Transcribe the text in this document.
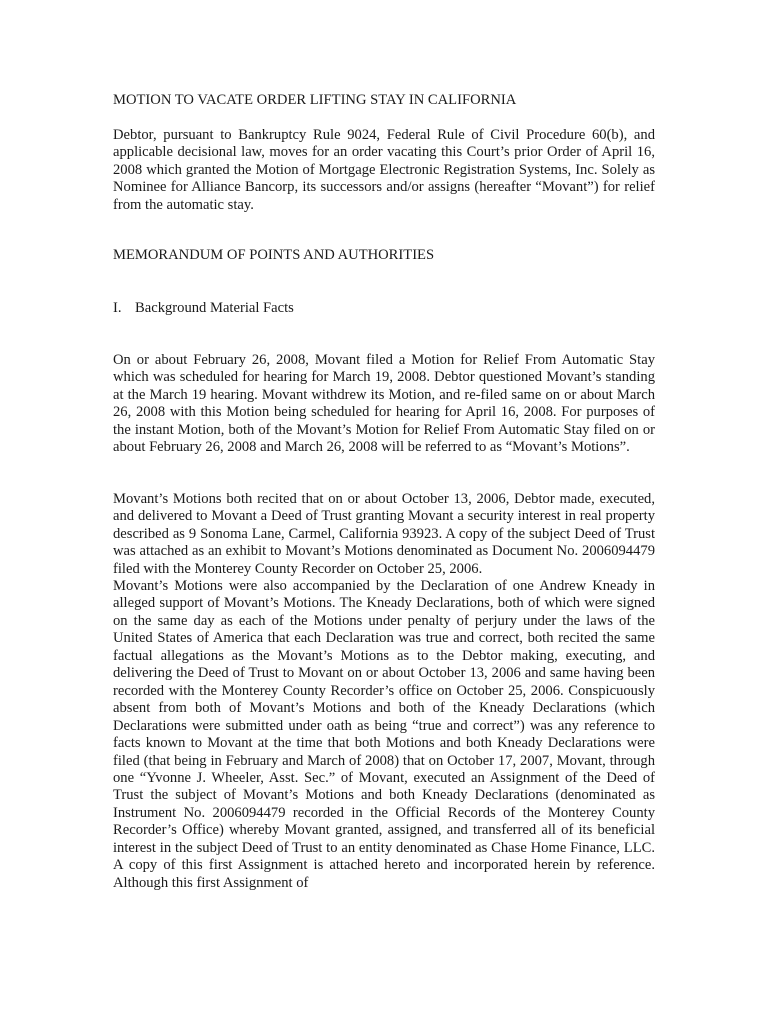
MOTION TO VACATE ORDER LIFTING STAY IN CALIFORNIA

Debtor, pursuant to Bankruptcy Rule 9024, Federal Rule of Civil Procedure 60(b), and applicable decisional law, moves for an order vacating this Court’s prior Order of April 16, 2008 which granted the Motion of Mortgage Electronic Registration Systems, Inc. Solely as Nominee for Alliance Bancorp, its successors and/or assigns (hereafter “Movant”) for relief from the automatic stay.

MEMORANDUM OF POINTS AND AUTHORITIES
I. Background Material Facts

On or about February 26, 2008, Movant filed a Motion for Relief From Automatic Stay which was scheduled for hearing for March 19, 2008. Debtor questioned Movant’s standing at the March 19 hearing. Movant withdrew its Motion, and re-filed same on or about March 26, 2008 with this Motion being scheduled for hearing for April 16, 2008. For purposes of the instant Motion, both of the Movant’s Motion for Relief From Automatic Stay filed on or about February 26, 2008 and March 26, 2008 will be referred to as “Movant’s Motions”.

Movant’s Motions both recited that on or about October 13, 2006, Debtor made, executed, and delivered to Movant a Deed of Trust granting Movant a security interest in real property described as 9 Sonoma Lane, Carmel, California 93923. A copy of the subject Deed of Trust was attached as an exhibit to Movant’s Motions denominated as Document No. 2006094479 filed with the Monterey County Recorder on October 25, 2006.

Movant’s Motions were also accompanied by the Declaration of one Andrew Kneady in alleged support of Movant’s Motions. The Kneady Declarations, both of which were signed on the same day as each of the Motions under penalty of perjury under the laws of the United States of America that each Declaration was true and correct, both recited the same factual allegations as the Movant’s Motions as to the Debtor making, executing, and delivering the Deed of Trust to Movant on or about October 13, 2006 and same having been recorded with the Monterey County Recorder’s office on October 25, 2006. Conspicuously absent from both of Movant’s Motions and both of the Kneady Declarations (which Declarations were submitted under oath as being “true and correct”) was any reference to facts known to Movant at the time that both Motions and both Kneady Declarations were filed (that being in February and March of 2008) that on October 17, 2007, Movant, through one “Yvonne J. Wheeler, Asst. Sec.” of Movant, executed an Assignment of the Deed of Trust the subject of Movant’s Motions and both Kneady Declarations (denominated as Instrument No. 2006094479 recorded in the Official Records of the Monterey County Recorder’s Office) whereby Movant granted, assigned, and transferred all of its beneficial interest in the subject Deed of Trust to an entity denominated as Chase Home Finance, LLC. A copy of this first Assignment is attached hereto and incorporated herein by reference. Although this first Assignment of
